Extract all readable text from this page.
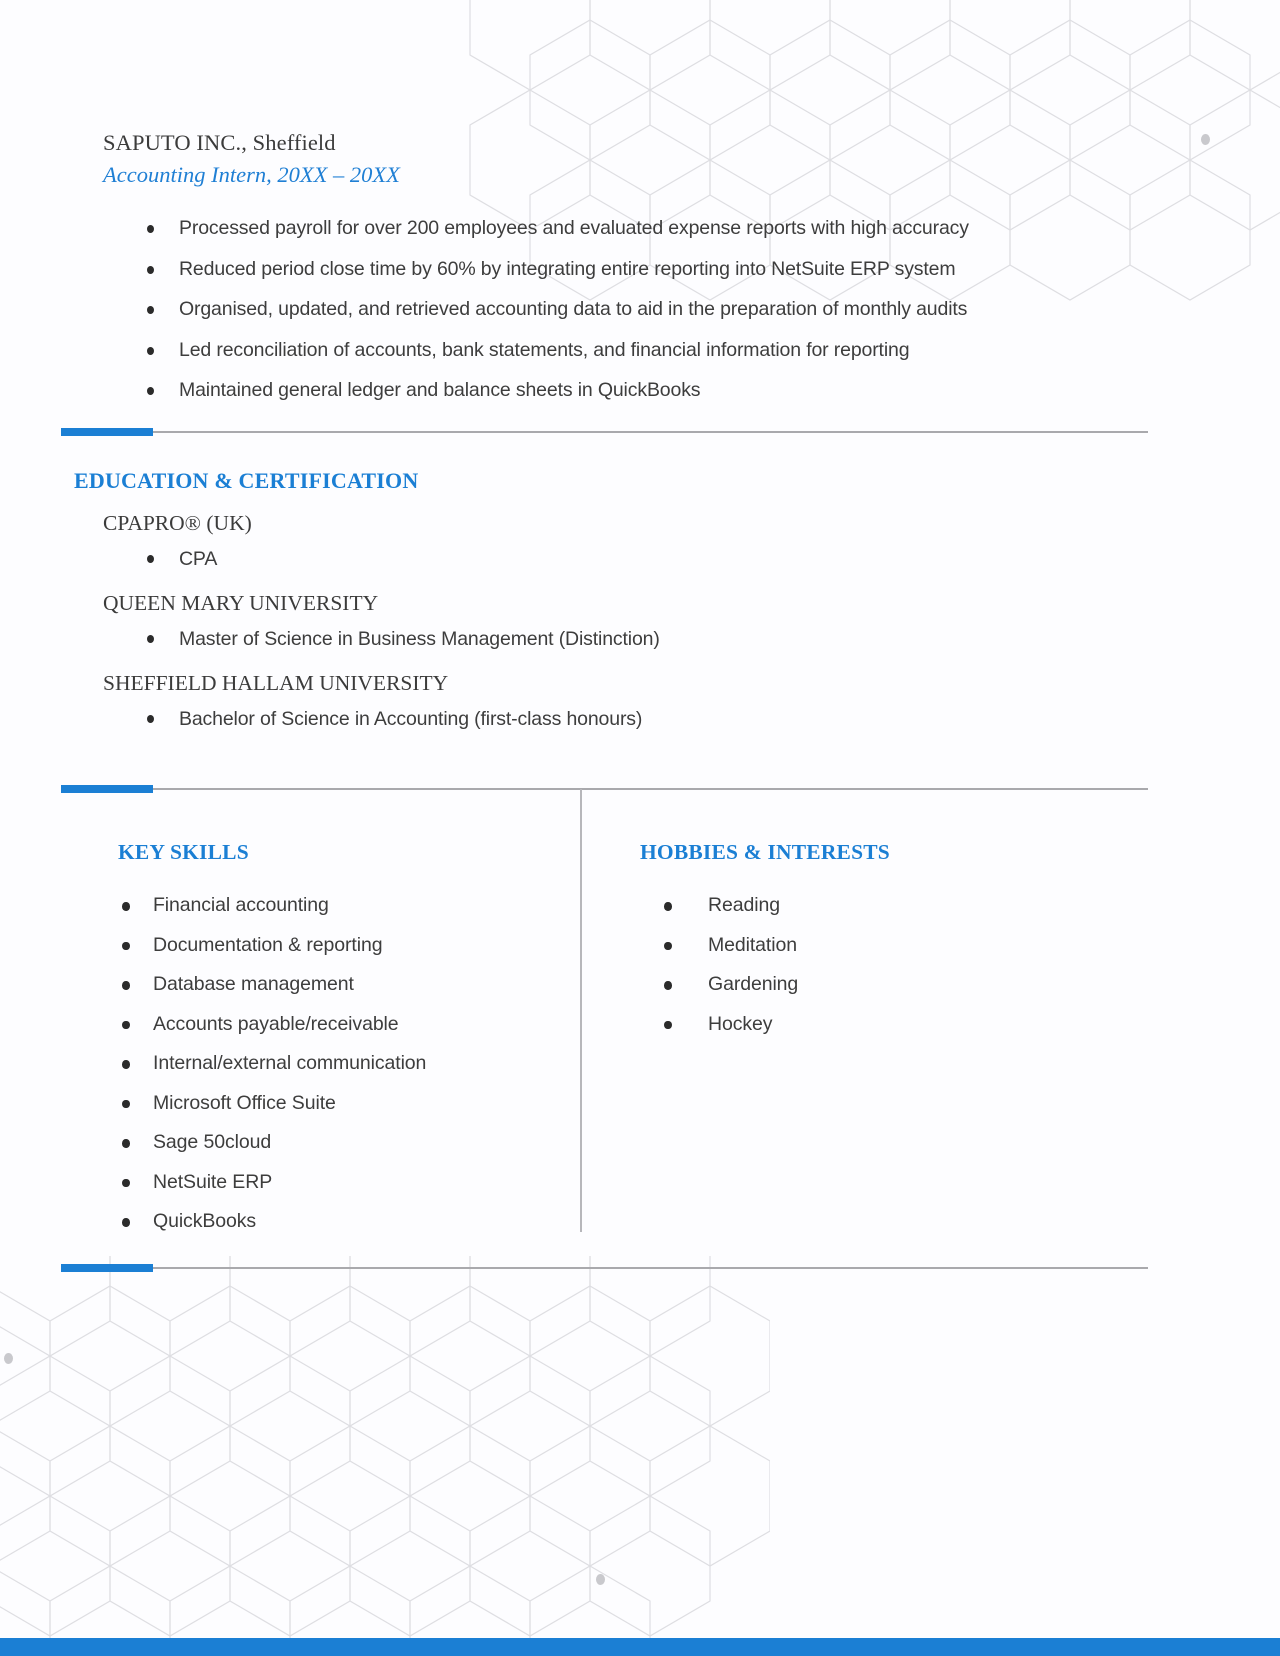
SAPUTO INC., Sheffield
Accounting Intern, 20XX – 20XX
Processed payroll for over 200 employees and evaluated expense reports with high accuracy
Reduced period close time by 60% by integrating entire reporting into NetSuite ERP system
Organised, updated, and retrieved accounting data to aid in the preparation of monthly audits
Led reconciliation of accounts, bank statements, and financial information for reporting
Maintained general ledger and balance sheets in QuickBooks
EDUCATION & CERTIFICATION
CPAPRO® (UK)
CPA
QUEEN MARY UNIVERSITY
Master of Science in Business Management (Distinction)
SHEFFIELD HALLAM UNIVERSITY
Bachelor of Science in Accounting (first-class honours)
KEY SKILLS
Financial accounting
Documentation & reporting
Database management
Accounts payable/receivable
Internal/external communication
Microsoft Office Suite
Sage 50cloud
NetSuite ERP
QuickBooks
HOBBIES & INTERESTS
Reading
Meditation
Gardening
Hockey
